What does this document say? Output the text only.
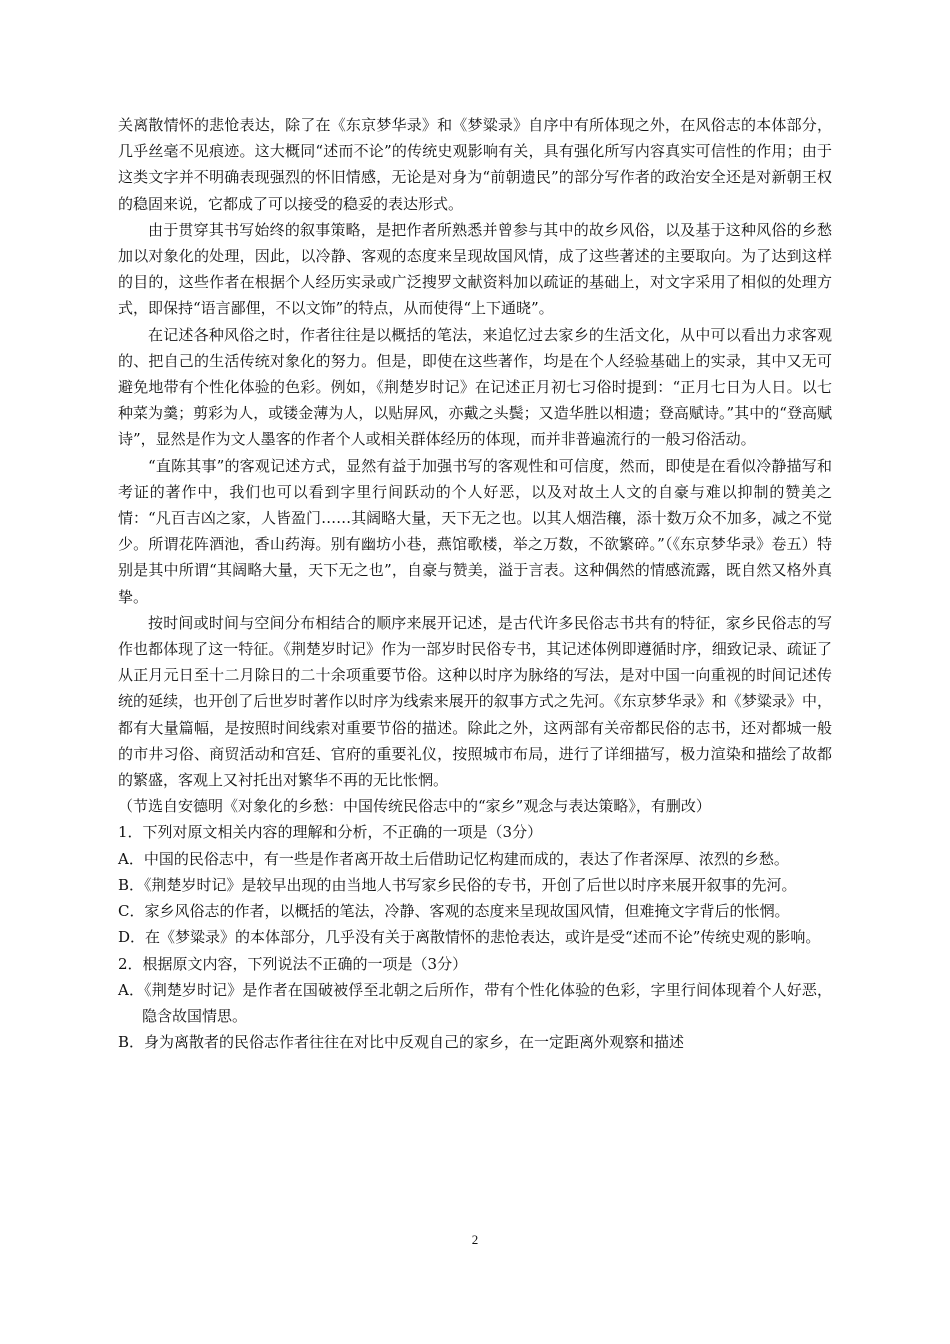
关离散情怀的悲怆表达，除了在《东京梦华录》和《梦粱录》自序中有所体现之外，在风俗志的本体部分，几乎丝毫不见痕迹。这大概同“述而不论”的传统史观影响有关，具有强化所写内容真实可信性的作用；由于这类文字并不明确表现强烈的怀旧情感，无论是对身为“前朝遗民”的部分写作者的政治安全还是对新朝王权的稳固来说，它都成了可以接受的稳妥的表达形式。

由于贯穿其书写始终的叙事策略，是把作者所熟悉并曾参与其中的故乡风俗，以及基于这种风俗的乡愁加以对象化的处理，因此，以冷静、客观的态度来呈现故国风情，成了这些著述的主要取向。为了达到这样的目的，这些作者在根据个人经历实录或广泛搜罗文献资料加以疏证的基础上，对文字采用了相似的处理方式，即保持“语言鄙俚，不以文饰”的特点，从而使得“上下通晓”。

在记述各种风俗之时，作者往往是以概括的笔法，来追忆过去家乡的生活文化，从中可以看出力求客观的、把自己的生活传统对象化的努力。但是，即使在这些著作，均是在个人经验基础上的实录，其中又无可避免地带有个性化体验的色彩。例如，《荆楚岁时记》在记述正月初七习俗时提到：“正月七日为人日。以七种菜为羹；剪彩为人，或镂金薄为人，以贴屏风，亦戴之头鬓；又造华胜以相遗；登高赋诗。”其中的“登高赋诗”，显然是作为文人墨客的作者个人或相关群体经历的体现，而并非普遍流行的一般习俗活动。

“直陈其事”的客观记述方式，显然有益于加强书写的客观性和可信度，然而，即使是在看似冷静描写和考证的著作中，我们也可以看到字里行间跃动的个人好恶，以及对故土人文的自豪与难以抑制的赞美之情：“凡百吉凶之家，人皆盈门……其阔略大量，天下无之也。以其人烟浩穰，添十数万众不加多，减之不觉少。所谓花阵酒池，香山药海。别有幽坊小巷，燕馆歌楼，举之万数，不欲繁碎。”（《东京梦华录》卷五）特别是其中所谓“其阔略大量，天下无之也”，自豪与赞美，溢于言表。这种偶然的情感流露，既自然又格外真挚。

按时间或时间与空间分布相结合的顺序来展开记述，是古代许多民俗志书共有的特征，家乡民俗志的写作也都体现了这一特征。《荆楚岁时记》作为一部岁时民俗专书，其记述体例即遵循时序，细致记录、疏证了从正月元日至十二月除日的二十余项重要节俗。这种以时序为脉络的写法，是对中国一向重视的时间记述传统的延续，也开创了后世岁时著作以时序为线索来展开的叙事方式之先河。《东京梦华录》和《梦粱录》中，都有大量篇幅，是按照时间线索对重要节俗的描述。除此之外，这两部有关帝都民俗的志书，还对都城一般的市井习俗、商贸活动和宫廷、官府的重要礼仪，按照城市布局，进行了详细描写，极力渲染和描绘了故都的繁盛，客观上又衬托出对繁华不再的无比怅惘。

（节选自安德明《对象化的乡愁：中国传统民俗志中的“家乡”观念与表达策略》，有删改）

1．下列对原文相关内容的理解和分析，不正确的一项是（3分）

A．中国的民俗志中，有一些是作者离开故土后借助记忆构建而成的，表达了作者深厚、浓烈的乡愁。

B．《荆楚岁时记》是较早出现的由当地人书写家乡民俗的专书，开创了后世以时序来展开叙事的先河。

C．家乡风俗志的作者，以概括的笔法，冷静、客观的态度来呈现故国风情，但难掩文字背后的怅惘。

D．在《梦粱录》的本体部分，几乎没有关于离散情怀的悲怆表达，或许是受“述而不论”传统史观的影响。

2．根据原文内容，下列说法不正确的一项是（3分）

A．《荆楚岁时记》是作者在国破被俘至北朝之后所作，带有个性化体验的色彩，字里行间体现着个人好恶，隐含故国情思。

B．身为离散者的民俗志作者往往在对比中反观自己的家乡，在一定距离外观察和描述

2
